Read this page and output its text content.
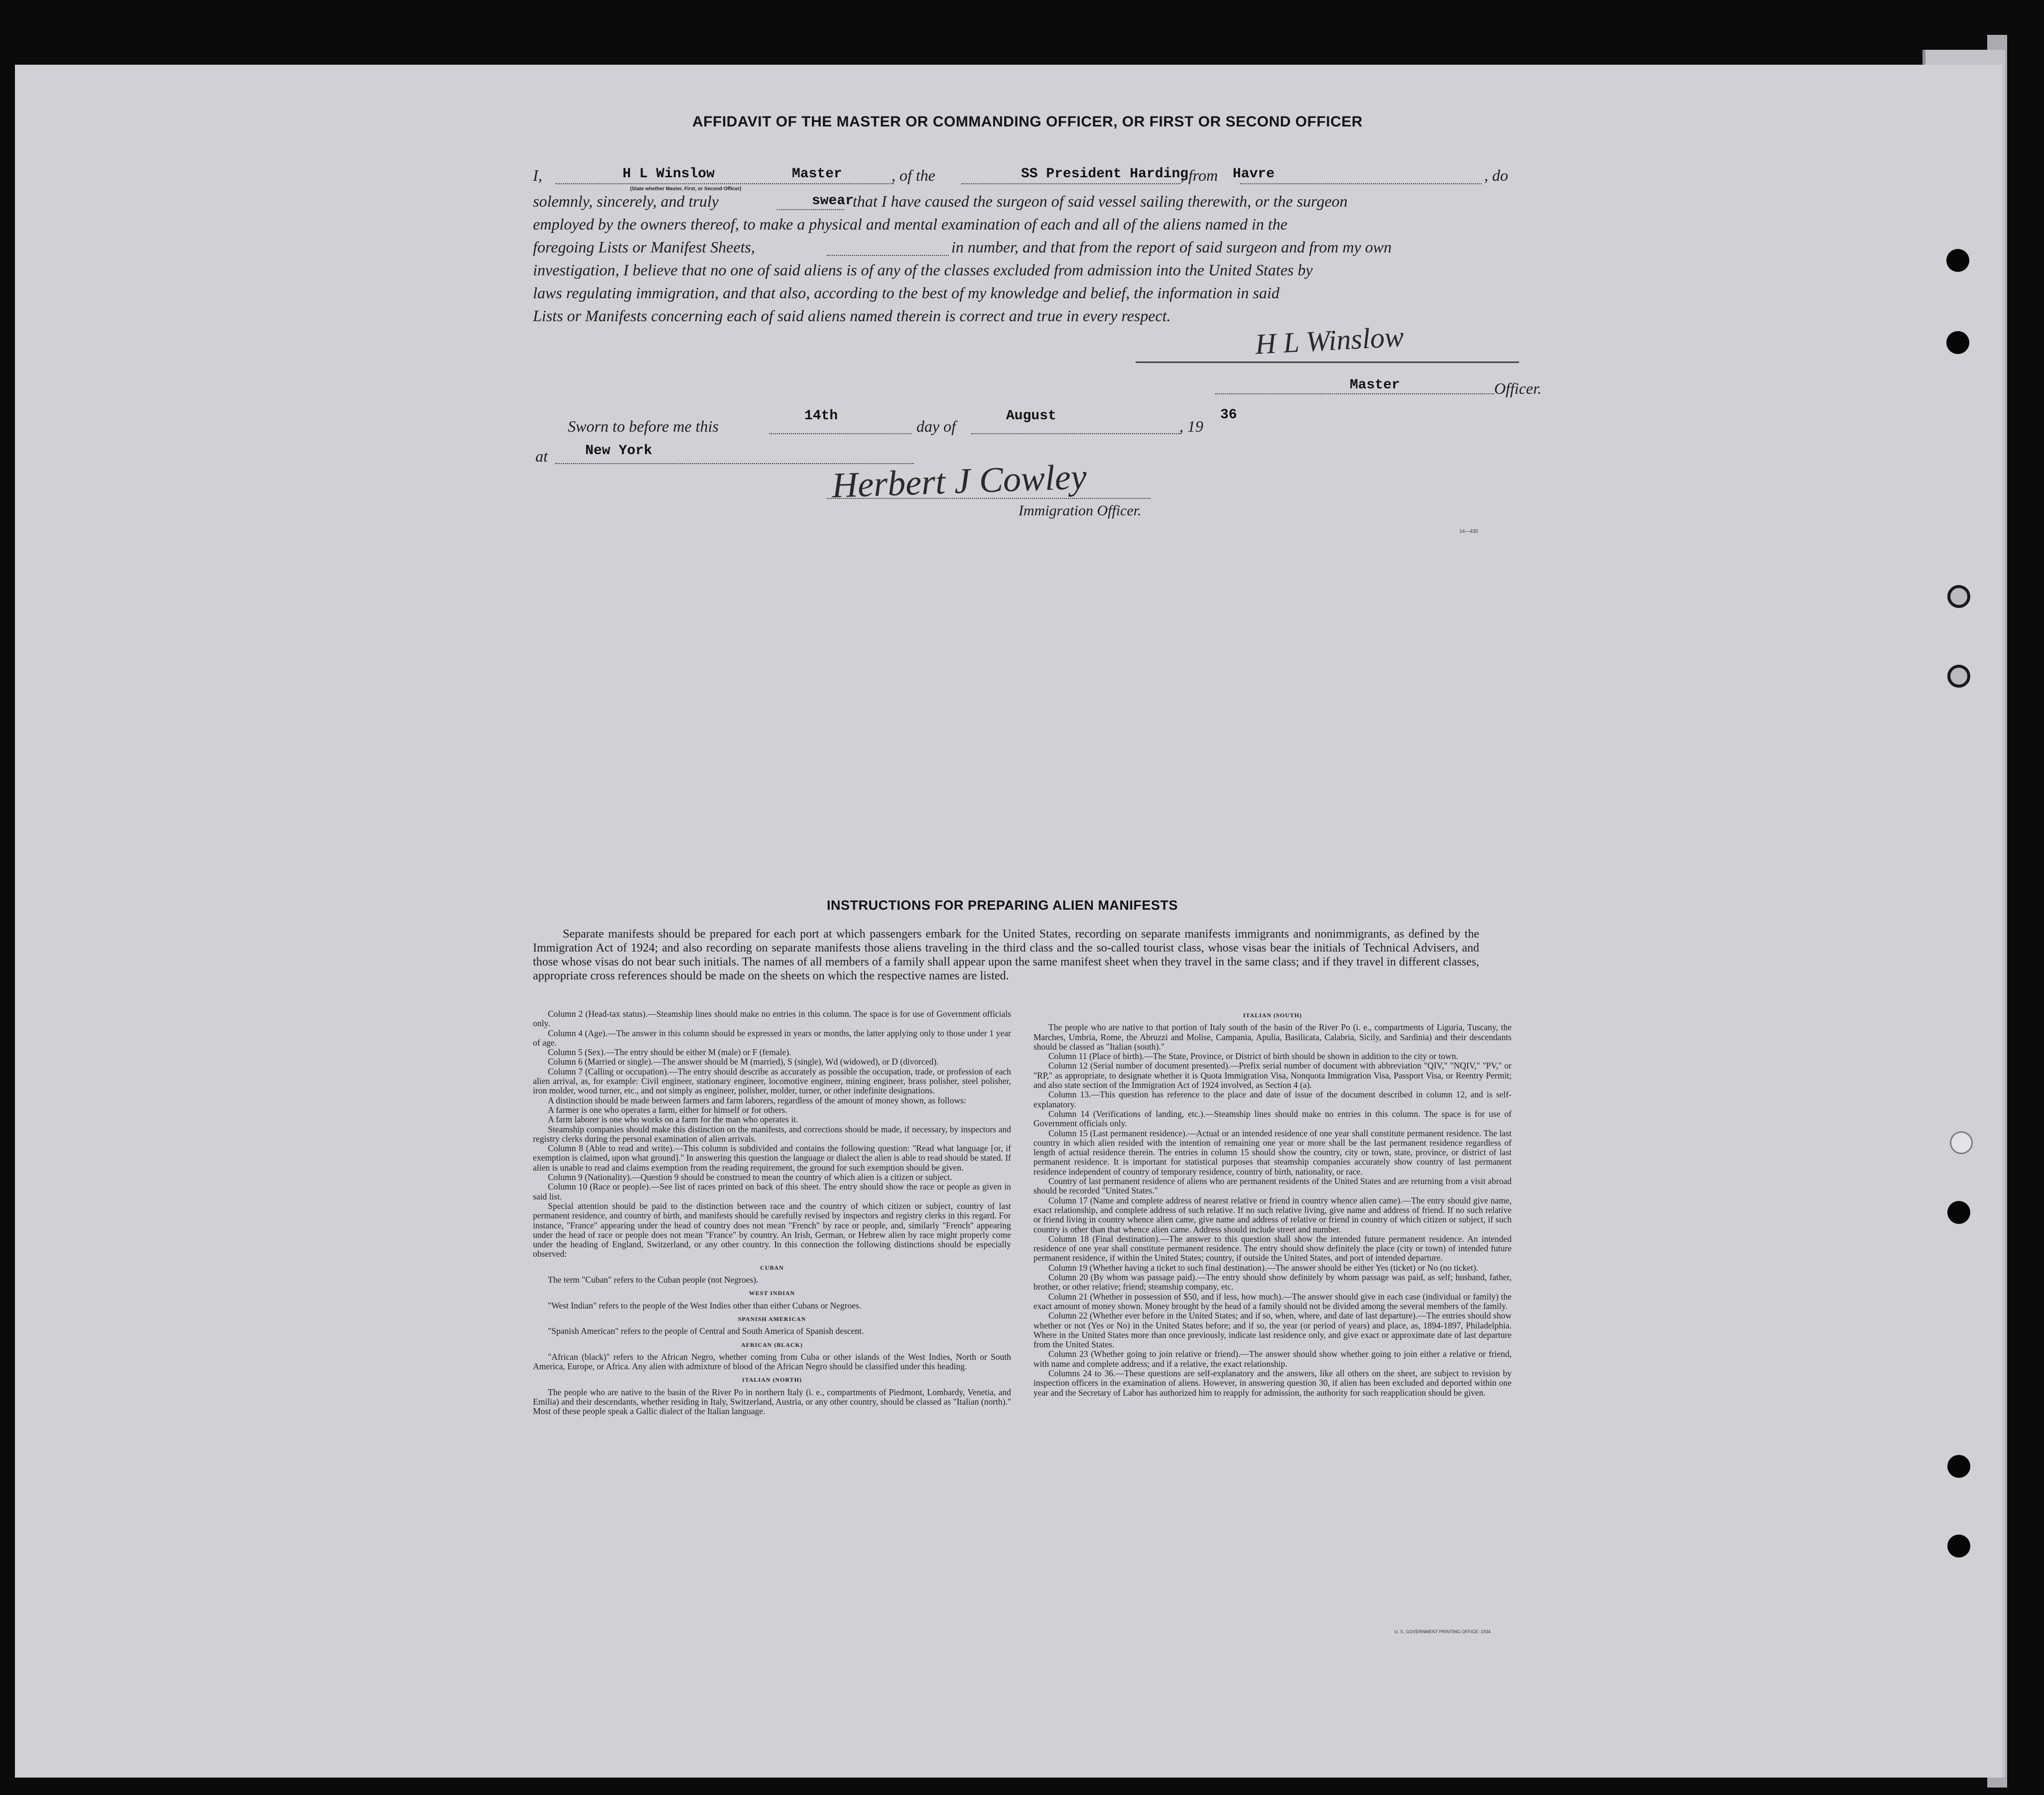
AFFIDAVIT OF THE MASTER OR COMMANDING OFFICER, OR FIRST OR SECOND OFFICER
I,	H L Winslow	Master
(State whether Master, First, or Second Officer)
, of the	SS President Harding
, from	Havre	, do
solemnly, sincerely, and truly	swear
that I have caused the surgeon of said vessel sailing therewith, or the surgeon
employed by the owners thereof, to make a physical and mental examination of each and all of the aliens named in the
foregoing Lists or Manifest Sheets,	in number, and that from the report of said surgeon and from my own
investigation, I believe that no one of said aliens is of any of the classes excluded from admission into the United States by
laws regulating immigration, and that also, according to the best of my knowledge and belief, the information in said
Lists or Manifests concerning each of said aliens named therein is correct and true in every respect.
H L Winslow
Master	Officer.
Sworn to before me this
14th
day of
August
, 19
36
at	New York
Herbert J Cowley
Immigration Officer.
14—430
INSTRUCTIONS FOR PREPARING ALIEN MANIFESTS
Separate manifests should be prepared for each port at which passengers embark for the United States, recording on separate manifests immigrants and nonimmigrants, as defined by the Immigration Act of 1924; and also recording on separate manifests those aliens traveling in the third class and the so-called tourist class, whose visas bear the initials of Technical Advisers, and those whose visas do not bear such initials. The names of all members of a family shall appear upon the same manifest sheet when they travel in the same class; and if they travel in different classes, appropriate cross references should be made on the sheets on which the respective names are listed.

Column 2 (Head-tax status).—Steamship lines should make no entries in this column. The space is for use of Government officials only.

Column 4 (Age).—The answer in this column should be expressed in years or months, the latter applying only to those under 1 year of age.

Column 5 (Sex).—The entry should be either M (male) or F (female).

Column 6 (Married or single).—The answer should be M (married), S (single), Wd (widowed), or D (divorced).

Column 7 (Calling or occupation).—The entry should describe as accurately as possible the occupation, trade, or profession of each alien arrival, as, for example: Civil engineer, stationary engineer, locomotive engineer, mining engineer, brass polisher, steel polisher, iron molder, wood turner, etc., and not simply as engineer, polisher, molder, turner, or other indefinite designations.

A distinction should be made between farmers and farm laborers, regardless of the amount of money shown, as follows:

A farmer is one who operates a farm, either for himself or for others.

A farm laborer is one who works on a farm for the man who operates it.

Steamship companies should make this distinction on the manifests, and corrections should be made, if necessary, by inspectors and registry clerks during the personal examination of alien arrivals.

Column 8 (Able to read and write).—This column is subdivided and contains the following question: "Read what language [or, if exemption is claimed, upon what ground]." In answering this question the language or dialect the alien is able to read should be stated. If alien is unable to read and claims exemption from the reading requirement, the ground for such exemption should be given.

Column 9 (Nationality).—Question 9 should be construed to mean the country of which alien is a citizen or subject.

Column 10 (Race or people).—See list of races printed on back of this sheet. The entry should show the race or people as given in said list.

Special attention should be paid to the distinction between race and the country of which citizen or subject, country of last permanent residence, and country of birth, and manifests should be carefully revised by inspectors and registry clerks in this regard. For instance, "France" appearing under the head of country does not mean "French" by race or people, and, similarly "French" appearing under the head of race or people does not mean "France" by country. An Irish, German, or Hebrew alien by race might properly come under the heading of England, Switzerland, or any other country. In this connection the following distinctions should be especially observed:

CUBAN

The term "Cuban" refers to the Cuban people (not Negroes).

WEST INDIAN

"West Indian" refers to the people of the West Indies other than either Cubans or Negroes.

SPANISH AMERICAN

"Spanish American" refers to the people of Central and South America of Spanish descent.

AFRICAN (BLACK)

"African (black)" refers to the African Negro, whether coming from Cuba or other islands of the West Indies, North or South America, Europe, or Africa. Any alien with admixture of blood of the African Negro should be classified under this heading.

ITALIAN (NORTH)

The people who are native to the basin of the River Po in northern Italy (i. e., compartments of Piedmont, Lombardy, Venetia, and Emilia) and their descendants, whether residing in Italy, Switzerland, Austria, or any other country, should be classed as "Italian (north)." Most of these people speak a Gallic dialect of the Italian language.

ITALIAN (SOUTH)

The people who are native to that portion of Italy south of the basin of the River Po (i. e., compartments of Liguria, Tuscany, the Marches, Umbria, Rome, the Abruzzi and Molise, Campania, Apulia, Basilicata, Calabria, Sicily, and Sardinia) and their descendants should be classed as "Italian (south)."

Column 11 (Place of birth).—The State, Province, or District of birth should be shown in addition to the city or town.

Column 12 (Serial number of document presented).—Prefix serial number of document with abbreviation "QIV," "NQIV," "PV," or "RP," as appropriate, to designate whether it is Quota Immigration Visa, Nonquota Immigration Visa, Passport Visa, or Reentry Permit; and also state section of the Immigration Act of 1924 involved, as Section 4 (a).

Column 13.—This question has reference to the place and date of issue of the document described in column 12, and is self-explanatory.

Column 14 (Verifications of landing, etc.).—Steamship lines should make no entries in this column. The space is for use of Government officials only.

Column 15 (Last permanent residence).—Actual or an intended residence of one year shall constitute permanent residence. The last country in which alien resided with the intention of remaining one year or more shall be the last permanent residence regardless of length of actual residence therein. The entries in column 15 should show the country, city or town, state, province, or district of last permanent residence. It is important for statistical purposes that steamship companies accurately show country of last permanent residence independent of country of temporary residence, country of birth, nationality, or race.

Country of last permanent residence of aliens who are permanent residents of the United States and are returning from a visit abroad should be recorded "United States."

Column 17 (Name and complete address of nearest relative or friend in country whence alien came).—The entry should give name, exact relationship, and complete address of such relative. If no such relative living, give name and address of friend. If no such relative or friend living in country whence alien came, give name and address of relative or friend in country of which citizen or subject, if such country is other than that whence alien came. Address should include street and number.

Column 18 (Final destination).—The answer to this question shall show the intended future permanent residence. An intended residence of one year shall constitute permanent residence. The entry should show definitely the place (city or town) of intended future permanent residence, if within the United States; country, if outside the United States, and port of intended departure.

Column 19 (Whether having a ticket to such final destination).—The answer should be either Yes (ticket) or No (no ticket).

Column 20 (By whom was passage paid).—The entry should show definitely by whom passage was paid, as self; husband, father, brother, or other relative; friend; steamship company, etc.

Column 21 (Whether in possession of $50, and if less, how much).—The answer should give in each case (individual or family) the exact amount of money shown. Money brought by the head of a family should not be divided among the several members of the family.

Column 22 (Whether ever before in the United States; and if so, when, where, and date of last departure).—The entries should show whether or not (Yes or No) in the United States before; and if so, the year (or period of years) and place, as, 1894-1897, Philadelphia. Where in the United States more than once previously, indicate last residence only, and give exact or approximate date of last departure from the United States.

Column 23 (Whether going to join relative or friend).—The answer should show whether going to join either a relative or friend, with name and complete address; and if a relative, the exact relationship.

Columns 24 to 36.—These questions are self-explanatory and the answers, like all others on the sheet, are subject to revision by inspection officers in the examination of aliens. However, in answering question 30, if alien has been excluded and deported within one year and the Secretary of Labor has authorized him to reapply for admission, the authority for such reapplication should be given.

U. S. GOVERNMENT PRINTING OFFICE: 1934
